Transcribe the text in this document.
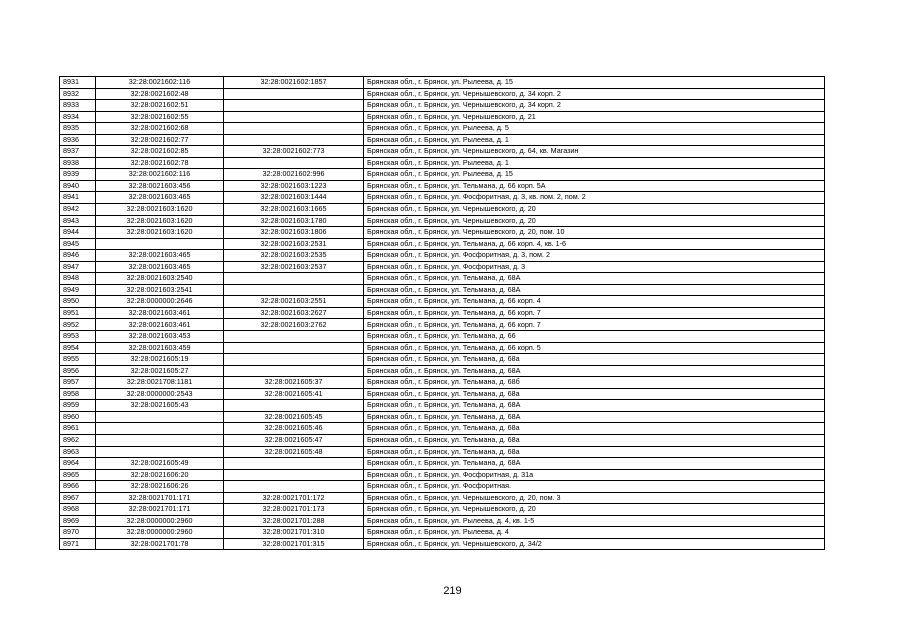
8931	32:28:0021602:116	32:28:0021602:1857	Брянская обл., г. Брянск, ул. Рылеева, д. 15
8932	32:28:0021602:48		Брянская обл., г. Брянск, ул. Чернышевского, д. 34 корп. 2
8933	32:28:0021602:51		Брянская обл., г. Брянск, ул. Чернышевского, д. 34 корп. 2
8934	32:28:0021602:55		Брянская обл., г. Брянск, ул. Чернышевского, д. 21
8935	32:28:0021602:68		Брянская обл., г. Брянск, ул. Рылеева, д. 5
8936	32:28:0021602:77		Брянская обл., г. Брянск, ул. Рылеева, д. 1
8937	32:28:0021602:85	32:28:0021602:773	Брянская обл., г. Брянск, ул. Чернышевского, д. 64, кв. Магазин
8938	32:28:0021602:78		Брянская обл., г. Брянск, ул. Рылеева, д. 1
8939	32:28:0021602:116	32:28:0021602:996	Брянская обл., г. Брянск, ул. Рылеева, д. 15
8940	32:28:0021603:456	32:28:0021603:1223	Брянская обл., г. Брянск, ул. Тельмана, д. 66 корп. 5А
8941	32:28:0021603:465	32:28:0021603:1444	Брянская обл., г. Брянск, ул. Фосфоритная, д. 3, кв. пом. 2, пом. 2
8942	32:28:0021603:1620	32:28:0021603:1665	Брянская обл., г. Брянск, ул. Чернышевского, д. 20
8943	32:28:0021603:1620	32:28:0021603:1780	Брянская обл., г. Брянск, ул. Чернышевского, д. 20
8944	32:28:0021603:1620	32:28:0021603:1806	Брянская обл., г. Брянск, ул. Чернышевского, д. 20, пом. 10
8945		32:28:0021603:2531	Брянская обл., г. Брянск, ул. Тельмана, д. 66 корп. 4, кв. 1-6
8946	32:28:0021603:465	32:28:0021603:2535	Брянская обл., г. Брянск, ул. Фосфоритная, д. 3, пом. 2
8947	32:28:0021603:465	32:28:0021603:2537	Брянская обл., г. Брянск, ул. Фосфоритная, д. 3
8948	32:28:0021603:2540		Брянская обл., г. Брянск, ул. Тельмана, д. 68А
8949	32:28:0021603:2541		Брянская обл., г. Брянск, ул. Тельмана, д. 68А
8950	32:28:0000000:2646	32:28:0021603:2551	Брянская обл., г. Брянск, ул. Тельмана, д. 66 корп. 4
8951	32:28:0021603:461	32:28:0021603:2627	Брянская обл., г. Брянск, ул. Тельмана, д. 66 корп. 7
8952	32:28:0021603:461	32:28:0021603:2762	Брянская обл., г. Брянск, ул. Тельмана, д. 66 корп. 7
8953	32:28:0021603:453		Брянская обл., г. Брянск, ул. Тельмана, д. 66
8954	32:28:0021603:459		Брянская обл., г. Брянск, ул. Тельмана, д. 66 корп. 5
8955	32:28:0021605:19		Брянская обл., г. Брянск, ул. Тельмана, д. 68а
8956	32:28:0021605:27		Брянская обл., г. Брянск, ул. Тельмана, д. 68А
8957	32:28:0021708:1181	32:28:0021605:37	Брянская обл., г. Брянск, ул. Тельмана, д. 68б
8958	32:28:0000000:2543	32:28:0021605:41	Брянская обл., г. Брянск, ул. Тельмана, д. 68а
8959	32:28:0021605:43		Брянская обл., г. Брянск, ул. Тельмана, д. 68А
8960		32:28:0021605:45	Брянская обл., г. Брянск, ул. Тельмана, д. 68А
8961		32:28:0021605:46	Брянская обл., г. Брянск, ул. Тельмана, д. 68а
8962		32:28:0021605:47	Брянская обл., г. Брянск, ул. Тельмана, д. 68а
8963		32:28:0021605:48	Брянская обл., г. Брянск, ул. Тельмана, д. 68а
8964	32:28:0021605:49		Брянская обл., г. Брянск, ул. Тельмана, д. 68А
8965	32:28:0021606:20		Брянская обл., г. Брянск, ул. Фосфоритная, д. 31а
8966	32:28:0021606:26		Брянская обл., г. Брянск, ул. Фосфоритная.
8967	32:28:0021701:171	32:28:0021701:172	Брянская обл., г. Брянск, ул. Чернышевского, д. 20, пом. 3
8968	32:28:0021701:171	32:28:0021701:173	Брянская обл., г. Брянск, ул. Чернышевского, д. 20
8969	32:28:0000000:2960	32:28:0021701:288	Брянская обл., г. Брянск, ул. Рылеева, д. 4, кв. 1-5
8970	32:28:0000000:2960	32:28:0021701:310	Брянская обл., г. Брянск, ул. Рылеева, д. 4
8971	32:28:0021701:78	32:28:0021701:315	Брянская обл., г. Брянск, ул. Чернышевского, д. 34/2
219
